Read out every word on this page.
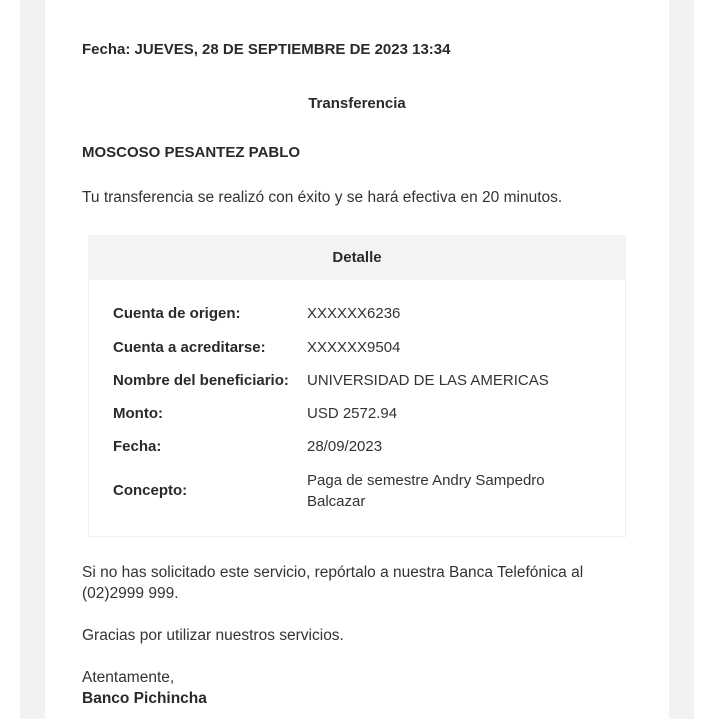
Fecha: JUEVES, 28 DE SEPTIEMBRE DE 2023 13:34
Transferencia
MOSCOSO PESANTEZ PABLO
Tu transferencia se realizó con éxito y se hará efectiva en 20 minutos.
Detalle
Cuenta de origen:	XXXXXX6236
Cuenta a acreditarse:	XXXXXX9504
Nombre del beneficiario: UNIVERSIDAD DE LAS AMERICAS
Monto:	USD 2572.94
Fecha:	28/09/2023
Concepto:
Paga de semestre Andry Sampedro Balcazar
Si no has solicitado este servicio, repórtalo a nuestra Banca Telefónica al (02)2999 999.
Gracias por utilizar nuestros servicios.
Atentamente,
Banco Pichincha
